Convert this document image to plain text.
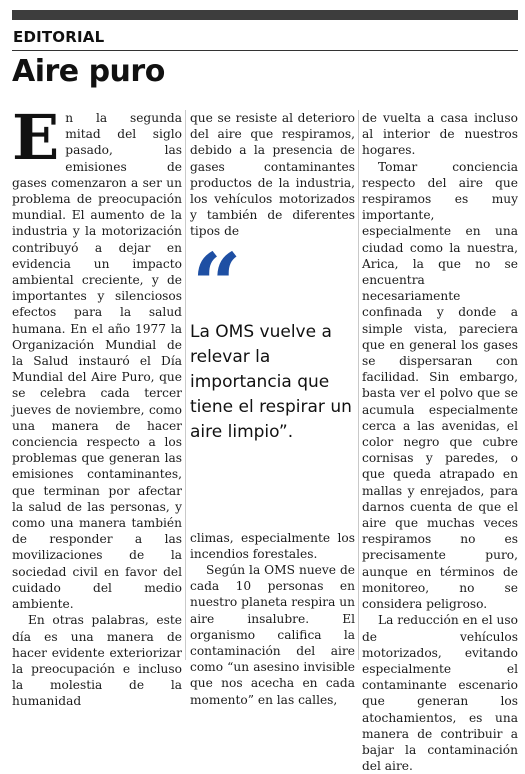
EDITORIAL
Aire puro

En la segunda mitad del siglo pasado, las emisiones de gases comenzaron a ser un problema de preocupación mundial. El aumento de la industria y la motorización contribuyó a dejar en evidencia un impacto ambiental creciente, y de importantes y silenciosos efectos para la salud humana. En el año 1977 la Organización Mundial de la Salud instauró el Día Mundial del Aire Puro, que se celebra cada tercer jueves de noviembre, como una manera de hacer conciencia respecto a los problemas que generan las emisiones contaminantes, que terminan por afectar la salud de las personas, y como una manera también de responder a las movilizaciones de la sociedad civil en favor del cuidado del medio ambiente.

En otras palabras, este día es una manera de hacer evidente exteriorizar la preocupación e incluso la molestia de la humanidad

que se resiste al deterioro del aire que respiramos, debido a la presencia de gases contaminantes productos de la industria, los vehículos motorizados y también de diferentes tipos de

“
La OMS vuelve a relevar la importancia que tiene el respirar un aire limpio”.

climas, especialmente los incendios forestales.

Según la OMS nueve de cada 10 personas en nuestro planeta respira un aire insalubre. El organismo califica la contaminación del aire como “un asesino invisible que nos acecha en cada momento” en las calles,

de vuelta a casa incluso al interior de nuestros hogares.

Tomar conciencia respecto del aire que respiramos es muy importante, especialmente en una ciudad como la nuestra, Arica, la que no se encuentra necesariamente confinada y donde a simple vista, pareciera que en general los gases se dispersaran con facilidad. Sin embargo, basta ver el polvo que se acumula especialmente cerca a las avenidas, el color negro que cubre cornisas y paredes, o que queda atrapado en mallas y enrejados, para darnos cuenta de que el aire que muchas veces respiramos no es precisamente puro, aunque en términos de monitoreo, no se considera peligroso.

La reducción en el uso de vehículos motorizados, evitando especialmente el contaminante escenario que generan los atochamientos, es una manera de contribuir a bajar la contaminación del aire.
